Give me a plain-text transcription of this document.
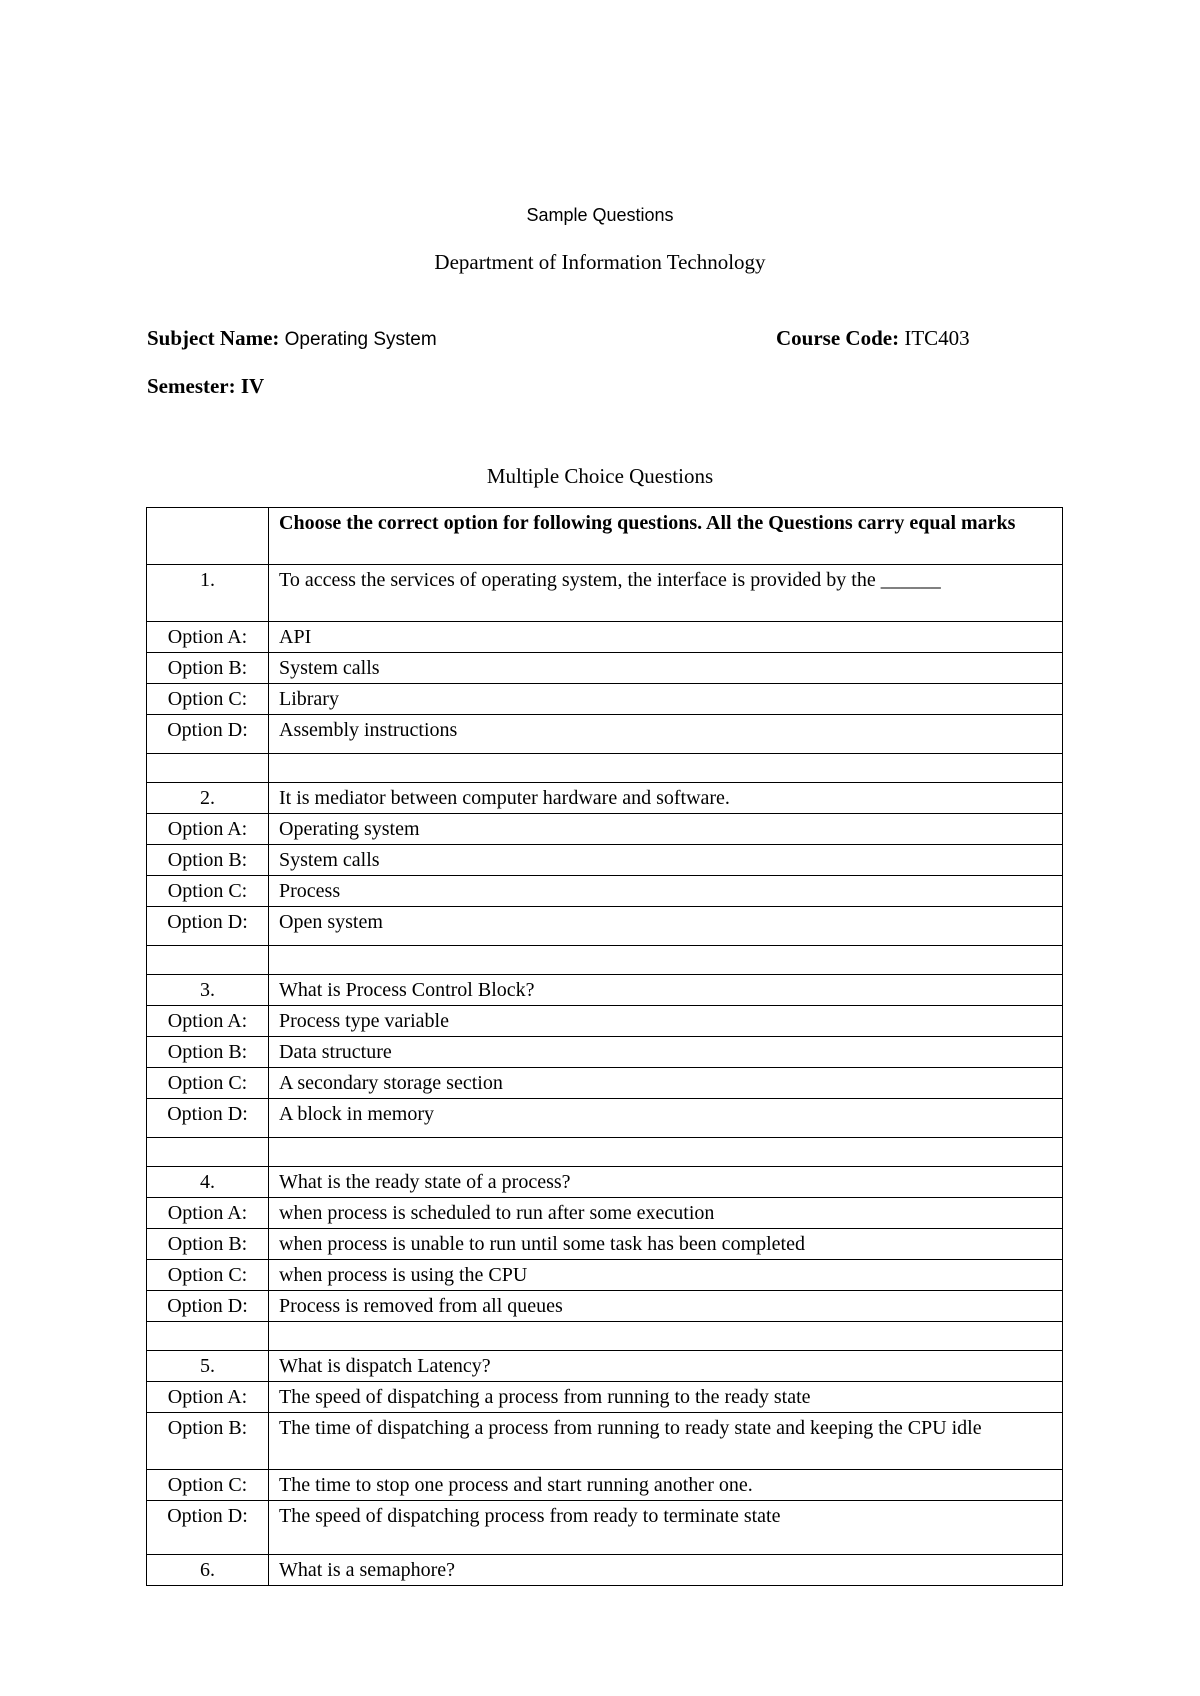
Sample Questions
Department of Information Technology
Subject Name: Operating System	Course Code: ITC403
Semester: IV
Multiple Choice Questions
	Choose the correct option for following questions. All the Questions carry equal marks
1.	To access the services of operating system, the interface is provided by the ______
Option A:	API
Option B:	System calls
Option C:	Library
Option D:	Assembly instructions

2.	It is mediator between computer hardware and software.
Option A:	Operating system
Option B:	System calls
Option C:	Process
Option D:	Open system

3.	What is Process Control Block?
Option A:	Process type variable
Option B:	Data structure
Option C:	A secondary storage section
Option D:	A block in memory

4.	What is the ready state of a process?
Option A:	when process is scheduled to run after some execution
Option B:	when process is unable to run until some task has been completed
Option C:	when process is using the CPU
Option D:	Process is removed from all queues

5.	What is dispatch Latency?
Option A:	The speed of dispatching a process from running to the ready state
Option B:	The time of dispatching a process from running to ready state and keeping the CPU idle
Option C:	The time to stop one process and start running another one.
Option D:	The speed of dispatching process from ready to terminate state
6.	What is a semaphore?
